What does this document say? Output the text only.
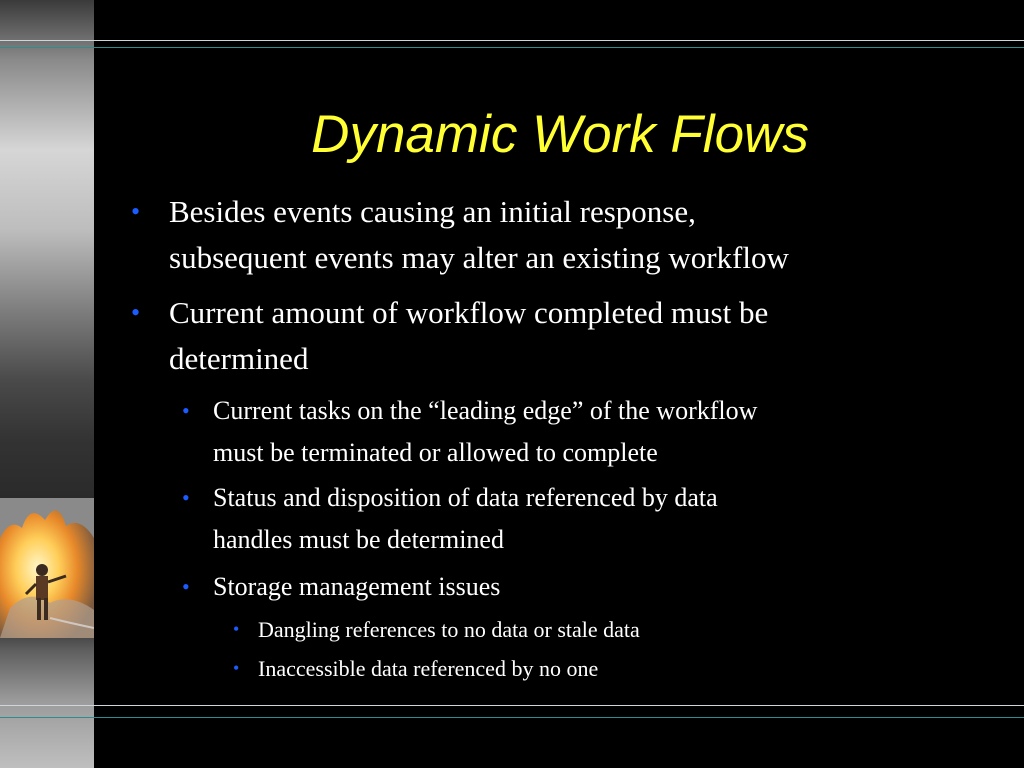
Dynamic Work Flows
• Besides events causing an initial response,
subsequent events may alter an existing workflow
• Current amount of workflow completed must be
determined
• Current tasks on the “leading edge” of the workflow
must be terminated or allowed to complete
• Status and disposition of data referenced by data
handles must be determined
• Storage management issues
• Dangling references to no data or stale data
• Inaccessible data referenced by no one
